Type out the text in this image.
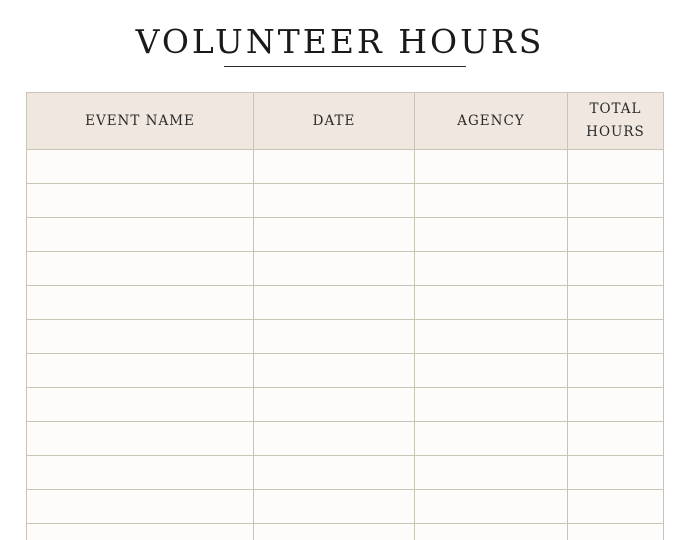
VOLUNTEER HOURS
EVENT NAME	DATE	AGENCY	TOTAL
HOURS
